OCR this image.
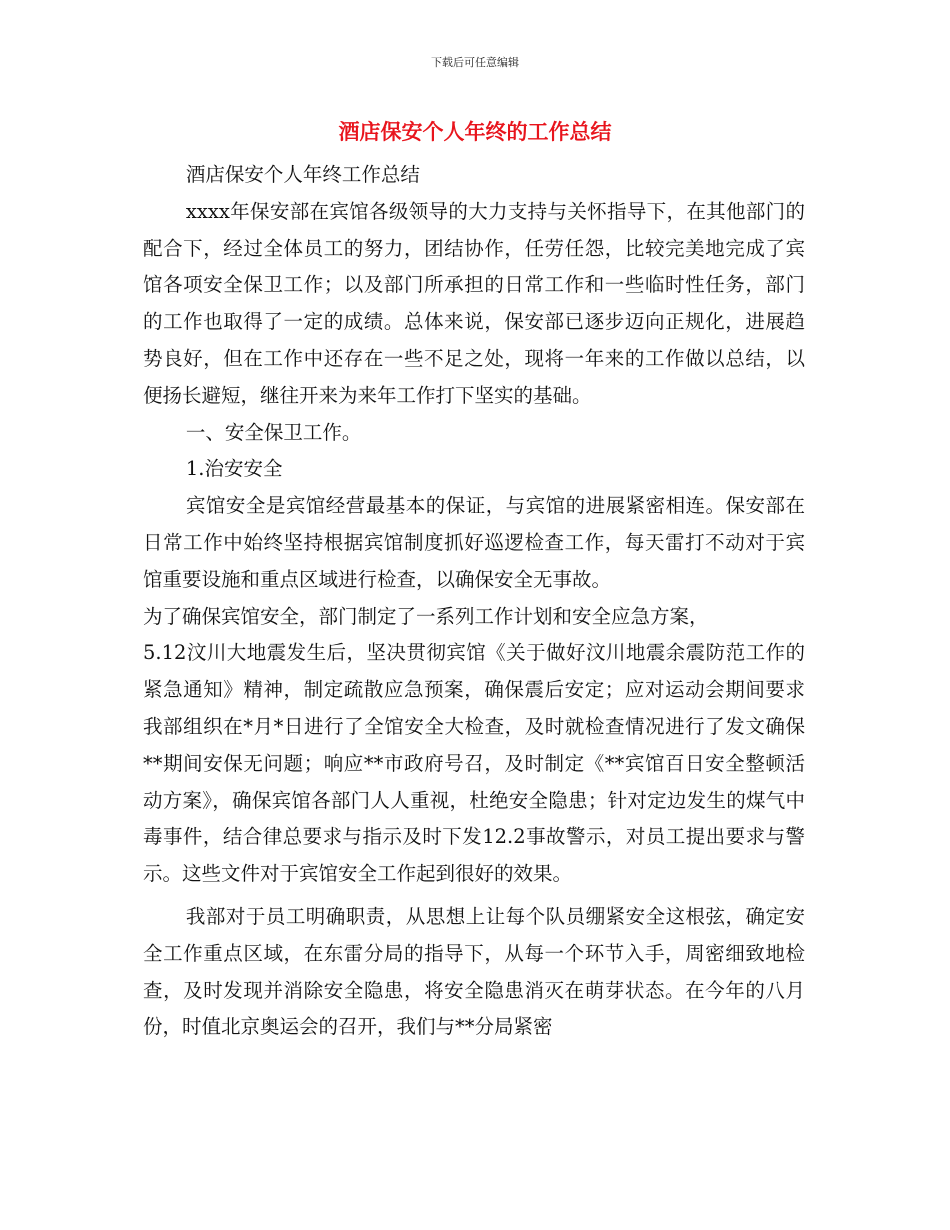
下载后可任意编辑
酒店保安个人年终的工作总结

酒店保安个人年终工作总结

xxxx年保安部在宾馆各级领导的大力支持与关怀指导下，在其他部门的配合下，经过全体员工的努力，团结协作，任劳任怨，比较完美地完成了宾馆各项安全保卫工作；以及部门所承担的日常工作和一些临时性任务，部门的工作也取得了一定的成绩。总体来说，保安部已逐步迈向正规化，进展趋势良好，但在工作中还存在一些不足之处，现将一年来的工作做以总结，以便扬长避短，继往开来为来年工作打下坚实的基础。

一、安全保卫工作。

1.治安安全

宾馆安全是宾馆经营最基本的保证，与宾馆的进展紧密相连。保安部在日常工作中始终坚持根据宾馆制度抓好巡逻检查工作，每天雷打不动对于宾馆重要设施和重点区域进行检查，以确保安全无事故。

为了确保宾馆安全，部门制定了一系列工作计划和安全应急方案，

5.12汶川大地震发生后，坚决贯彻宾馆《关于做好汶川地震余震防范工作的紧急通知》精神，制定疏散应急预案，确保震后安定；应对运动会期间要求我部组织在*月*日进行了全馆安全大检查，及时就检查情况进行了发文确保**期间安保无问题；响应**市政府号召，及时制定《**宾馆百日安全整顿活动方案》，确保宾馆各部门人人重视，杜绝安全隐患；针对定边发生的煤气中毒事件，结合律总要求与指示及时下发12.2事故警示，对员工提出要求与警示。这些文件对于宾馆安全工作起到很好的效果。

我部对于员工明确职责，从思想上让每个队员绷紧安全这根弦，确定安全工作重点区域，在东雷分局的指导下，从每一个环节入手，周密细致地检查，及时发现并消除安全隐患，将安全隐患消灭在萌芽状态。在今年的八月份，时值北京奥运会的召开，我们与**分局紧密
